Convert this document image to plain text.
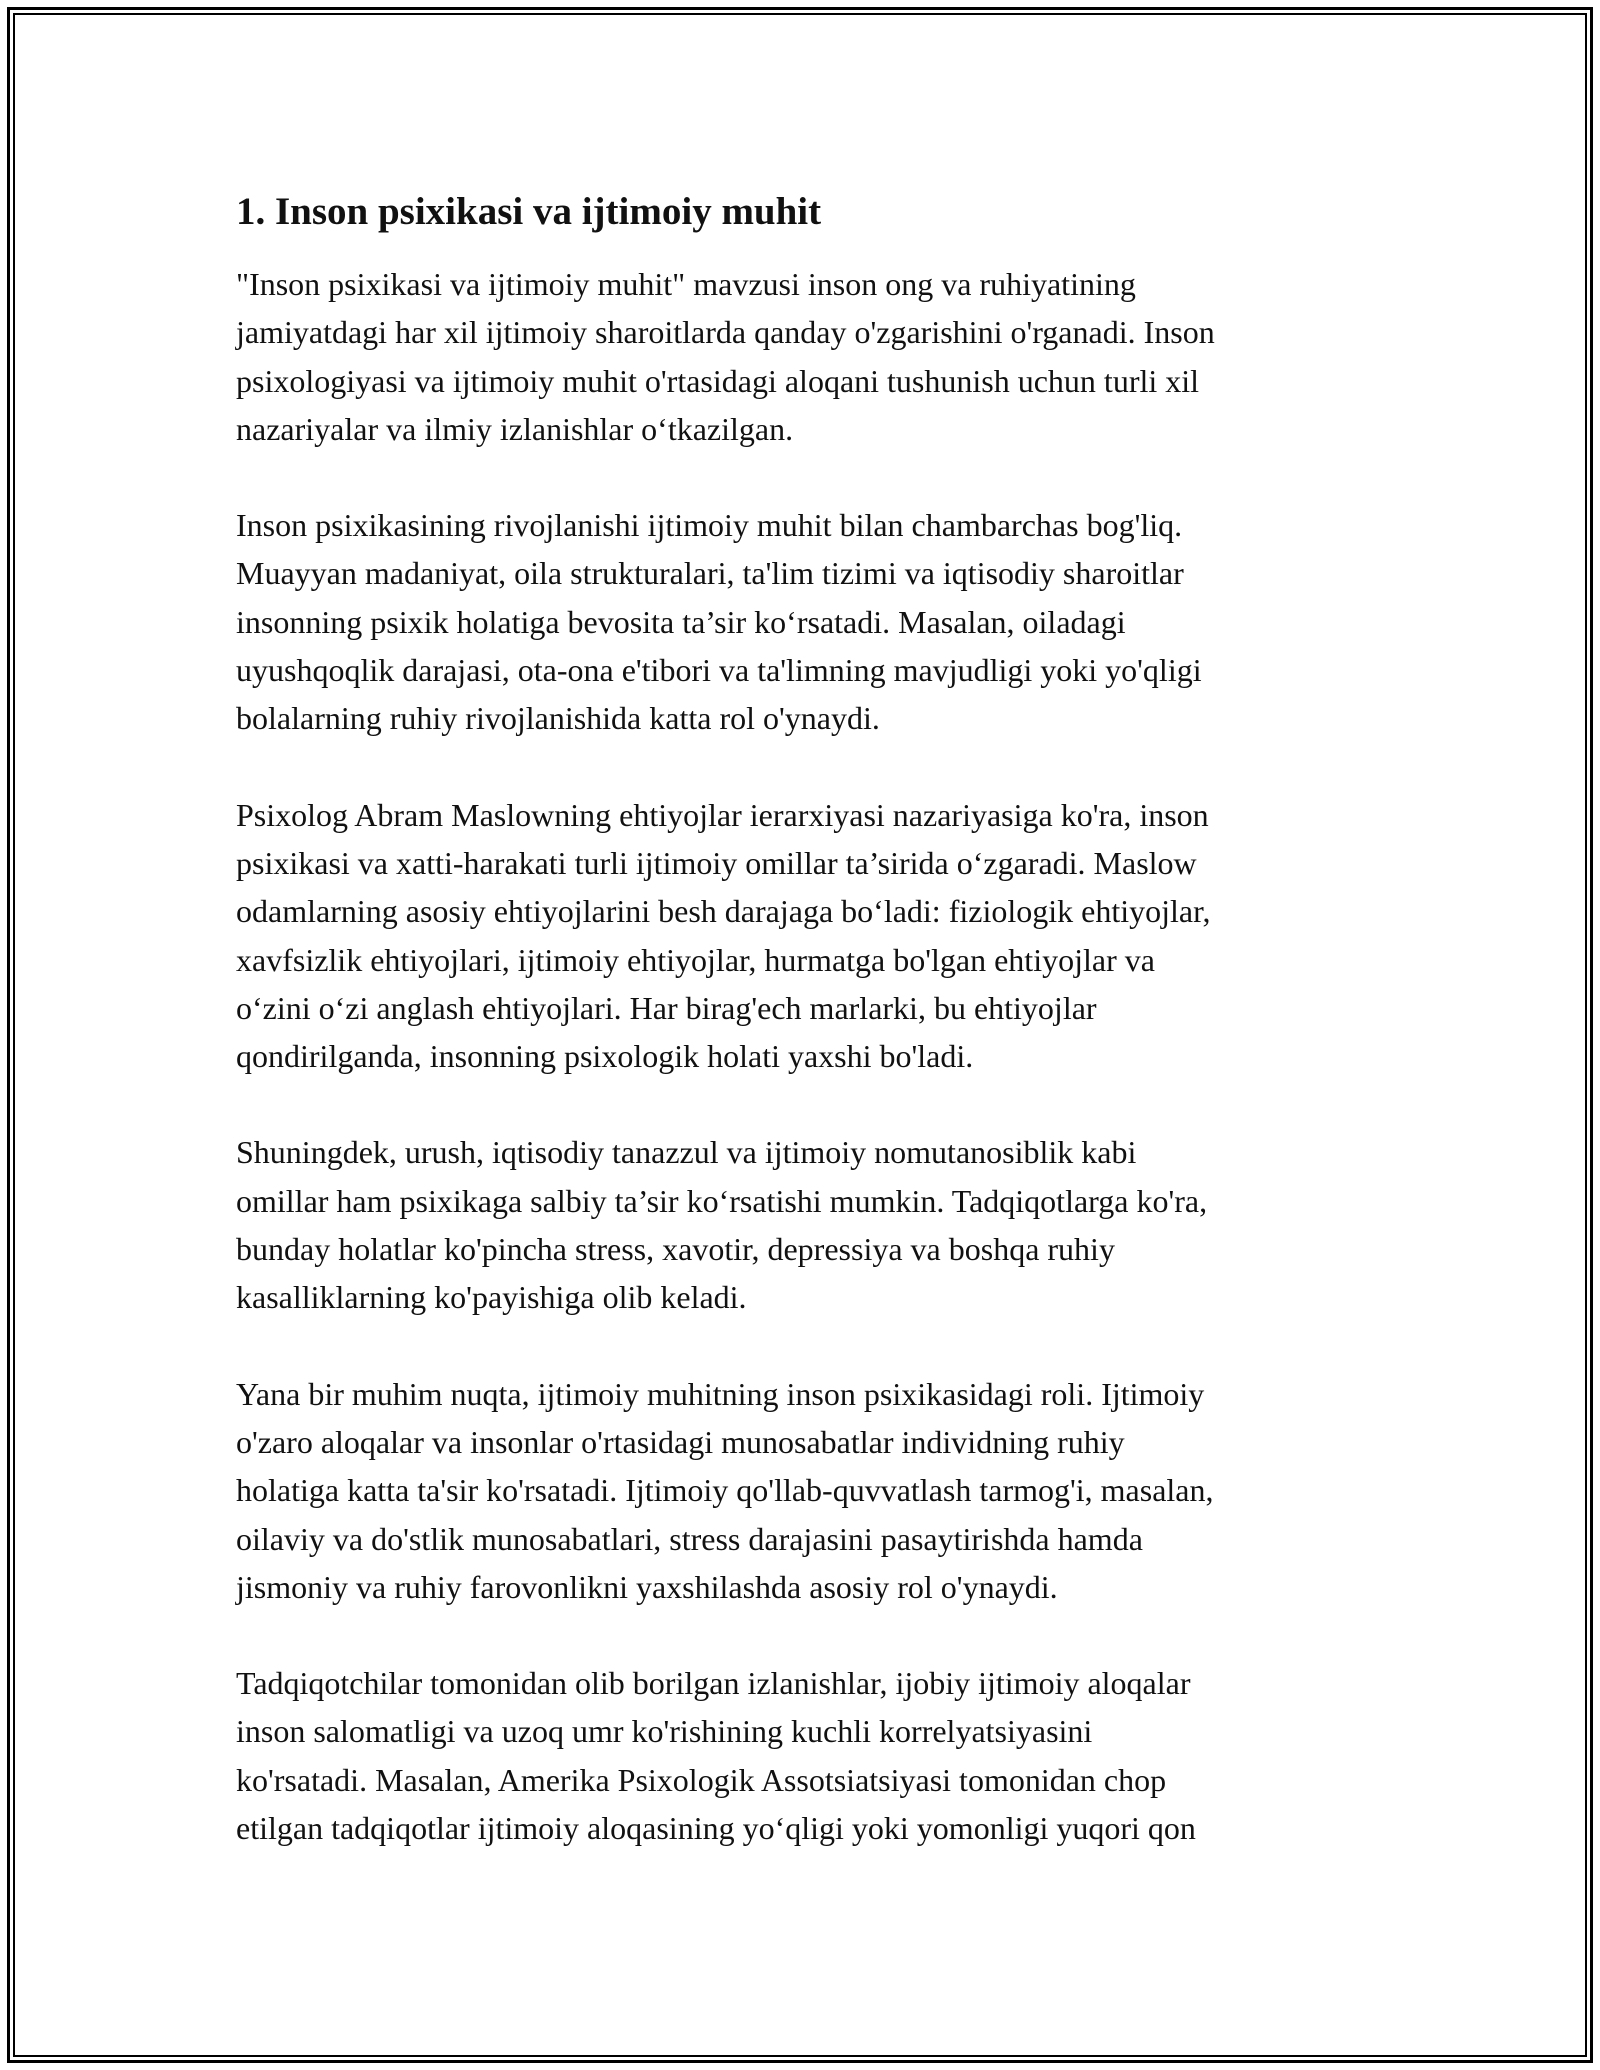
1. Inson psixikasi va ijtimoiy muhit

"Inson psixikasi va ijtimoiy muhit" mavzusi inson ong va ruhiyatining
jamiyatdagi har xil ijtimoiy sharoitlarda qanday o'zgarishini o'rganadi. Inson
psixologiyasi va ijtimoiy muhit o'rtasidagi aloqani tushunish uchun turli xil
nazariyalar va ilmiy izlanishlar o‘tkazilgan.

Inson psixikasining rivojlanishi ijtimoiy muhit bilan chambarchas bog'liq.
Muayyan madaniyat, oila strukturalari, ta'lim tizimi va iqtisodiy sharoitlar
insonning psixik holatiga bevosita ta’sir ko‘rsatadi. Masalan, oiladagi
uyushqoqlik darajasi, ota-ona e'tibori va ta'limning mavjudligi yoki yo'qligi
bolalarning ruhiy rivojlanishida katta rol o'ynaydi.

Psixolog Abram Maslowning ehtiyojlar ierarxiyasi nazariyasiga ko'ra, inson
psixikasi va xatti-harakati turli ijtimoiy omillar ta’sirida o‘zgaradi. Maslow
odamlarning asosiy ehtiyojlarini besh darajaga bo‘ladi: fiziologik ehtiyojlar,
xavfsizlik ehtiyojlari, ijtimoiy ehtiyojlar, hurmatga bo'lgan ehtiyojlar va
o‘zini o‘zi anglash ehtiyojlari. Har birag'ech marlarki, bu ehtiyojlar
qondirilganda, insonning psixologik holati yaxshi bo'ladi.

Shuningdek, urush, iqtisodiy tanazzul va ijtimoiy nomutanosiblik kabi
omillar ham psixikaga salbiy ta’sir ko‘rsatishi mumkin. Tadqiqotlarga ko'ra,
bunday holatlar ko'pincha stress, xavotir, depressiya va boshqa ruhiy
kasalliklarning ko'payishiga olib keladi.

Yana bir muhim nuqta, ijtimoiy muhitning inson psixikasidagi roli. Ijtimoiy
o'zaro aloqalar va insonlar o'rtasidagi munosabatlar individning ruhiy
holatiga katta ta'sir ko'rsatadi. Ijtimoiy qo'llab-quvvatlash tarmog'i, masalan,
oilaviy va do'stlik munosabatlari, stress darajasini pasaytirishda hamda
jismoniy va ruhiy farovonlikni yaxshilashda asosiy rol o'ynaydi.

Tadqiqotchilar tomonidan olib borilgan izlanishlar, ijobiy ijtimoiy aloqalar
inson salomatligi va uzoq umr ko'rishining kuchli korrelyatsiyasini
ko'rsatadi. Masalan, Amerika Psixologik Assotsiatsiyasi tomonidan chop
etilgan tadqiqotlar ijtimoiy aloqasining yo‘qligi yoki yomonligi yuqori qon
